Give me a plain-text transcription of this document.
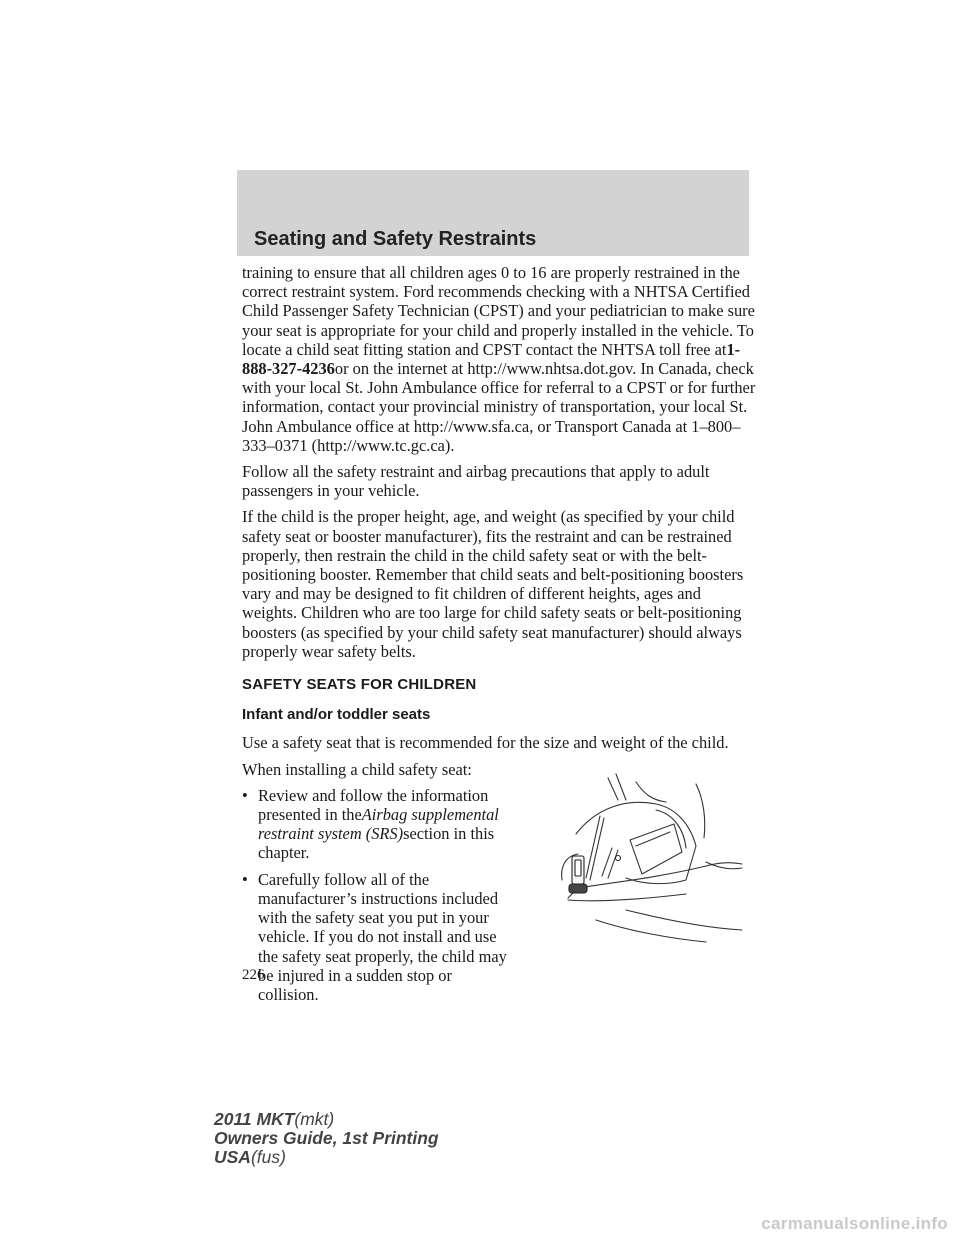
Seating and Safety Restraints

training to ensure that all children ages 0 to 16 are properly restrained in the correct restraint system. Ford recommends checking with a NHTSA Certified Child Passenger Safety Technician (CPST) and your pediatrician to make sure your seat is appropriate for your child and properly installed in the vehicle. To locate a child seat fitting station and CPST contact the NHTSA toll free at1-888-327-4236or on the internet at http://www.nhtsa.dot.gov. In Canada, check with your local St. John Ambulance office for referral to a CPST or for further information, contact your provincial ministry of transportation, your local St. John Ambulance office at http://www.sfa.ca, or Transport Canada at 1–800–333–0371 (http://www.tc.gc.ca).

Follow all the safety restraint and airbag precautions that apply to adult passengers in your vehicle.

If the child is the proper height, age, and weight (as specified by your child safety seat or booster manufacturer), fits the restraint and can be restrained properly, then restrain the child in the child safety seat or with the belt-positioning booster. Remember that child seats and belt-positioning boosters vary and may be designed to fit children of different heights, ages and weights. Children who are too large for child safety seats or belt-positioning boosters (as specified by your child safety seat manufacturer) should always properly wear safety belts.

SAFETY SEATS FOR CHILDREN
Infant and/or toddler seats

Use a safety seat that is recommended for the size and weight of the child.

When installing a child safety seat:

• Review and follow the information presented in theAirbag supplemental restraint system (SRS)section in this chapter.
• Carefully follow all of the manufacturer’s instructions included with the safety seat you put in your vehicle. If you do not install and use the safety seat properly, the child may be injured in a sudden stop or collision.
226
2011 MKT(mkt)
Owners Guide, 1st Printing
USA(fus)
carmanualsonline.info
